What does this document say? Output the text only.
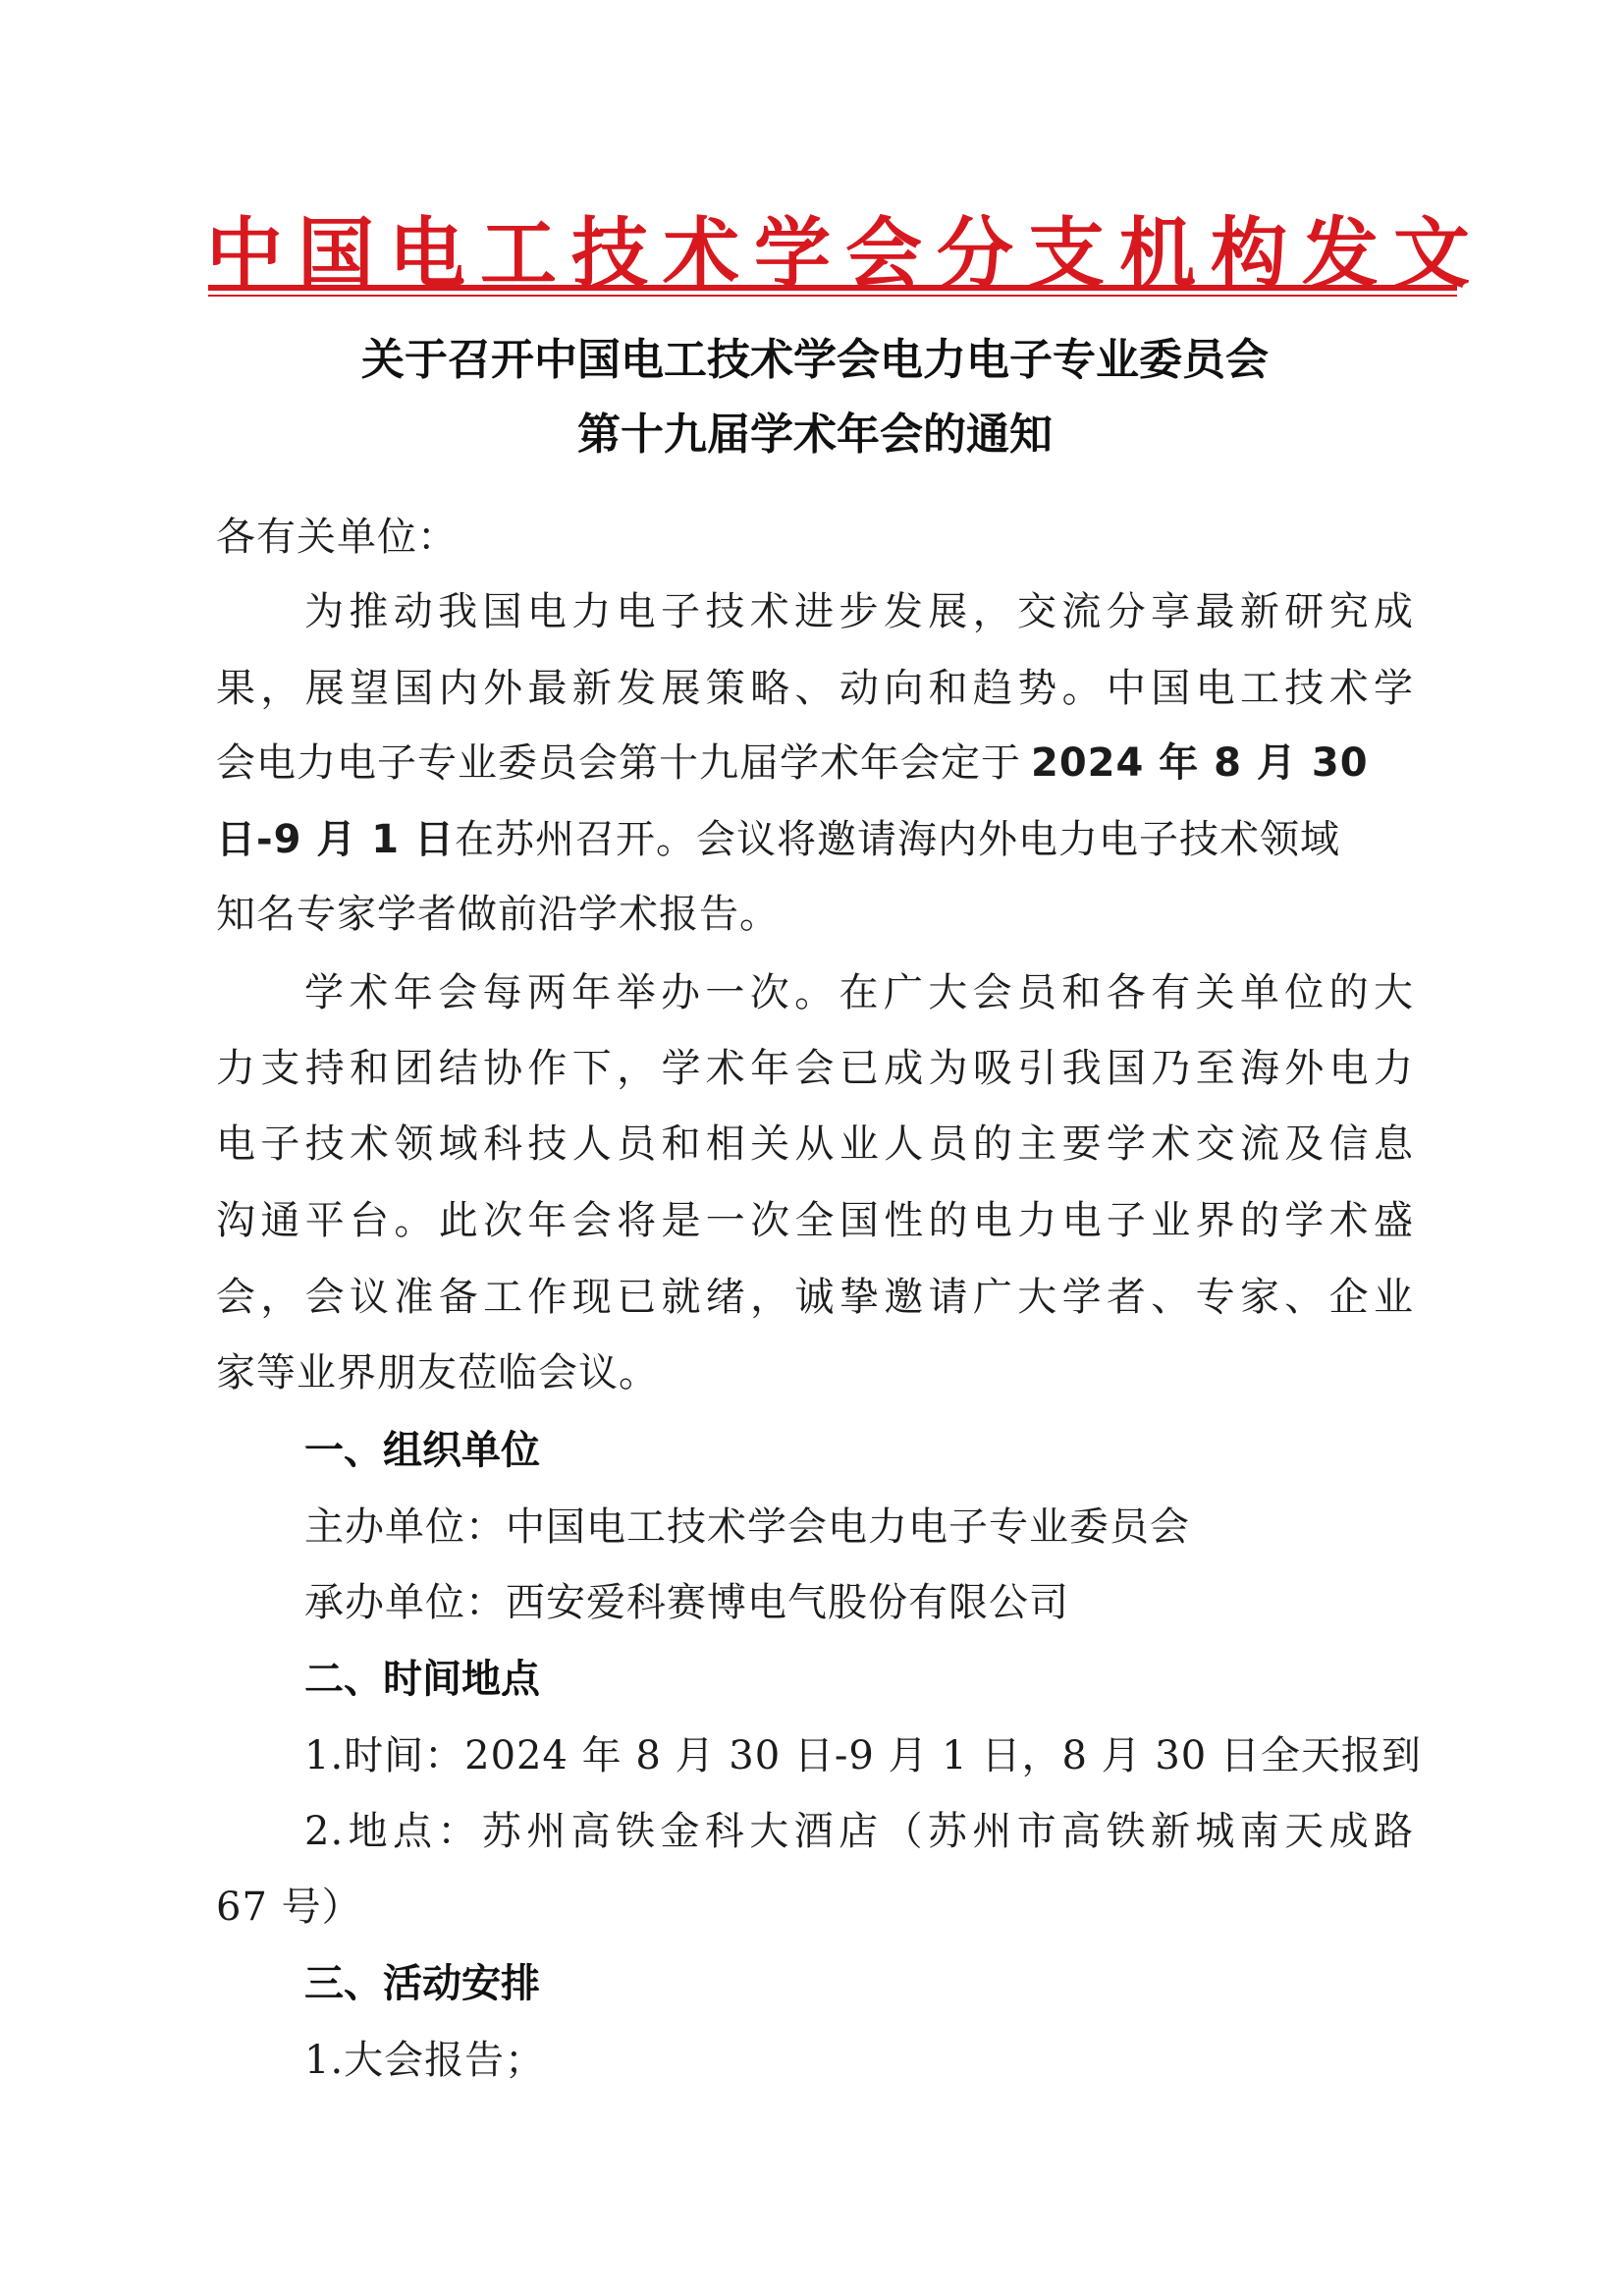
中国电工技术学会分支机构发文
关于召开中国电工技术学会电力电子专业委员会
第十九届学术年会的通知
各有关单位：
为推动我国电力电子技术进步发展，交流分享最新研究成
果，展望国内外最新发展策略、动向和趋势。中国电工技术学
会电力电子专业委员会第十九届学术年会定于 2024 年 8 月 30
日-9 月 1 日在苏州召开。会议将邀请海内外电力电子技术领域
知名专家学者做前沿学术报告。
学术年会每两年举办一次。在广大会员和各有关单位的大
力支持和团结协作下，学术年会已成为吸引我国乃至海外电力
电子技术领域科技人员和相关从业人员的主要学术交流及信息
沟通平台。此次年会将是一次全国性的电力电子业界的学术盛
会，会议准备工作现已就绪，诚挚邀请广大学者、专家、企业
家等业界朋友莅临会议。
一、组织单位
主办单位：中国电工技术学会电力电子专业委员会
承办单位：西安爱科赛博电气股份有限公司
二、时间地点
1.时间：2024 年 8 月 30 日-9 月 1 日，8 月 30 日全天报到
2.地点：苏州高铁金科大酒店（苏州市高铁新城南天成路
67 号）
三、活动安排
1.大会报告；
